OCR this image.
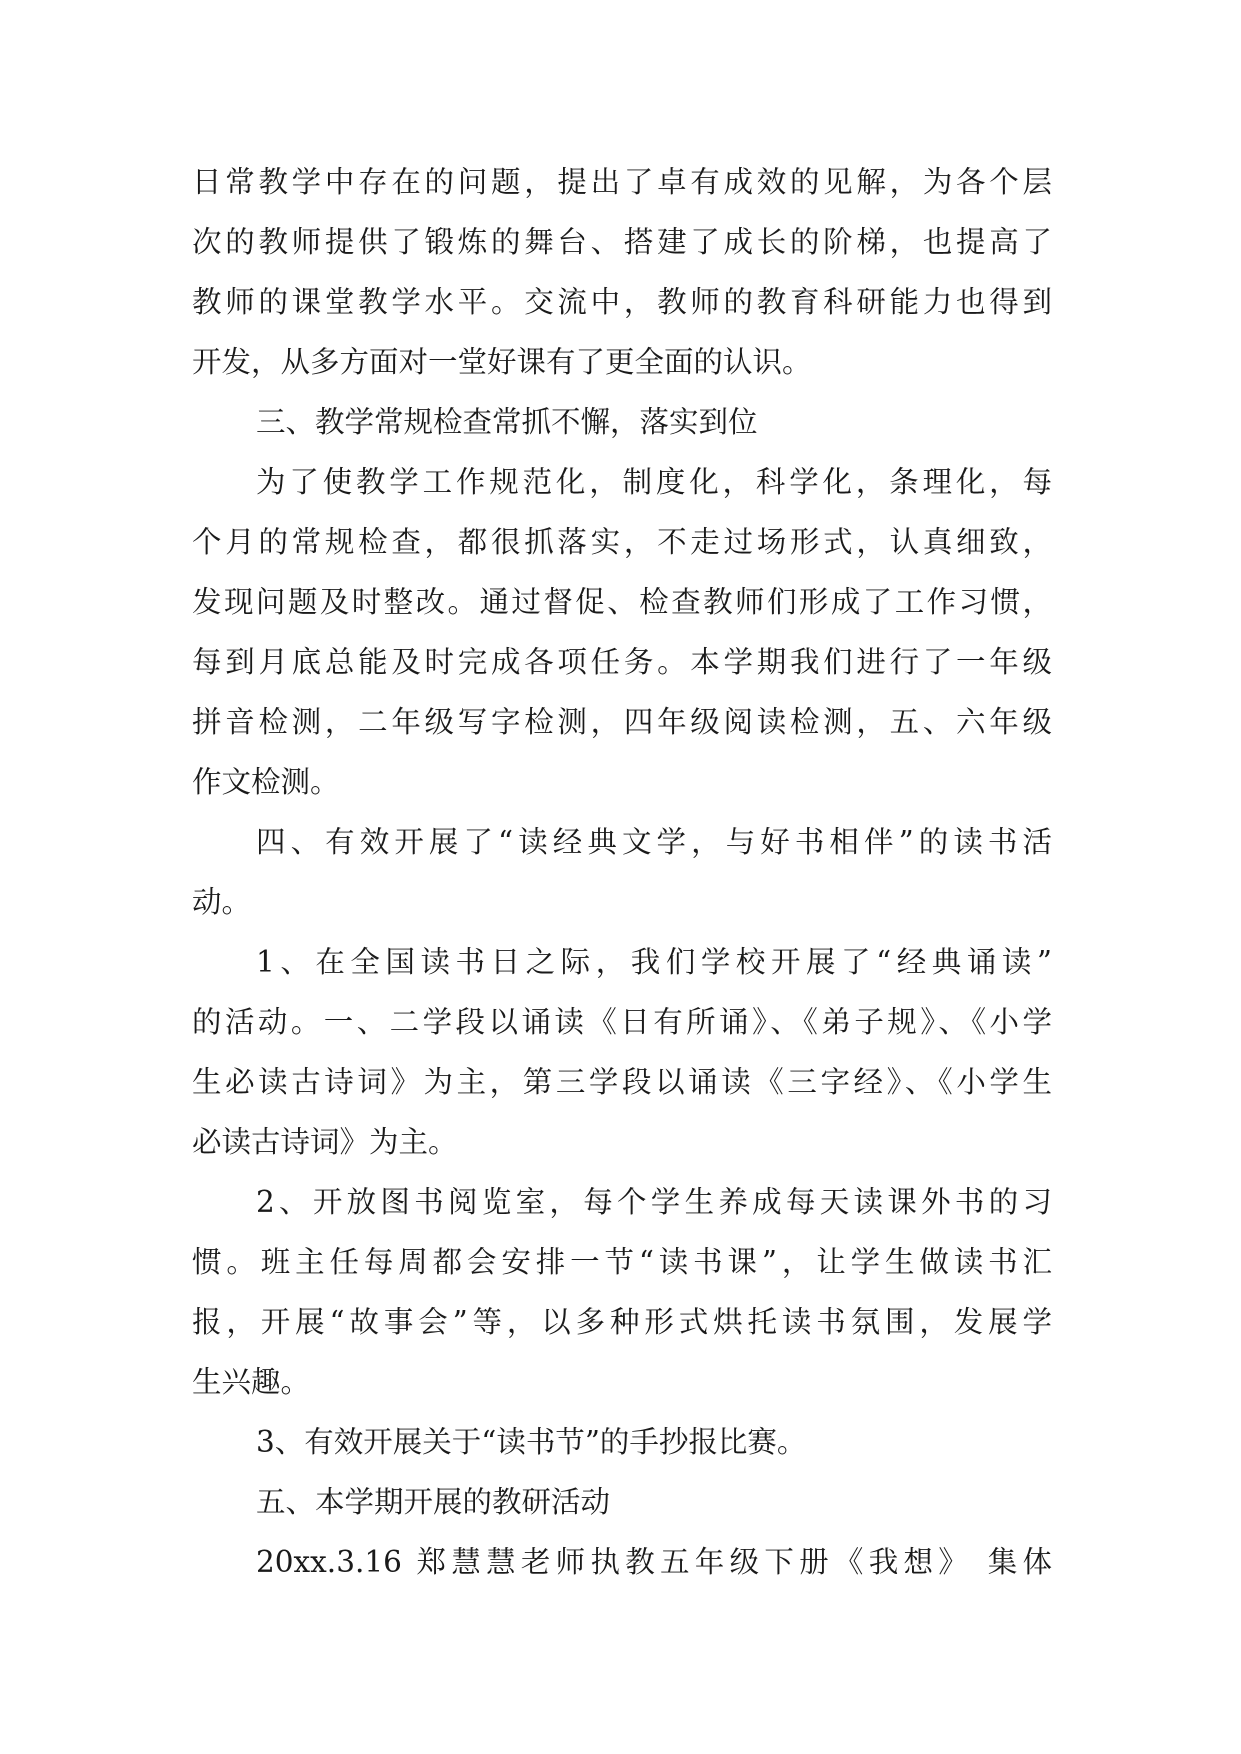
日常教学中存在的问题，提出了卓有成效的见解，为各个层
次的教师提供了锻炼的舞台、搭建了成长的阶梯，也提高了
教师的课堂教学水平。交流中，教师的教育科研能力也得到
开发，从多方面对一堂好课有了更全面的认识。
三、教学常规检查常抓不懈，落实到位
为了使教学工作规范化，制度化，科学化，条理化，每
个月的常规检查，都很抓落实，不走过场形式，认真细致，
发现问题及时整改。通过督促、检查教师们形成了工作习惯，
每到月底总能及时完成各项任务。本学期我们进行了一年级
拼音检测，二年级写字检测，四年级阅读检测，五、六年级
作文检测。
四、有效开展了“读经典文学，与好书相伴”的读书活
动。
1、在全国读书日之际，我们学校开展了“经典诵读”
的活动。一、二学段以诵读《日有所诵》、《弟子规》、《小学
生必读古诗词》为主，第三学段以诵读《三字经》、《小学生
必读古诗词》为主。
2、开放图书阅览室，每个学生养成每天读课外书的习
惯。班主任每周都会安排一节“读书课”，让学生做读书汇
报，开展“故事会”等，以多种形式烘托读书氛围，发展学
生兴趣。
3、有效开展关于“读书节”的手抄报比赛。
五、本学期开展的教研活动
20xx.3.16 郑慧慧老师执教五年级下册《我想》 集体
